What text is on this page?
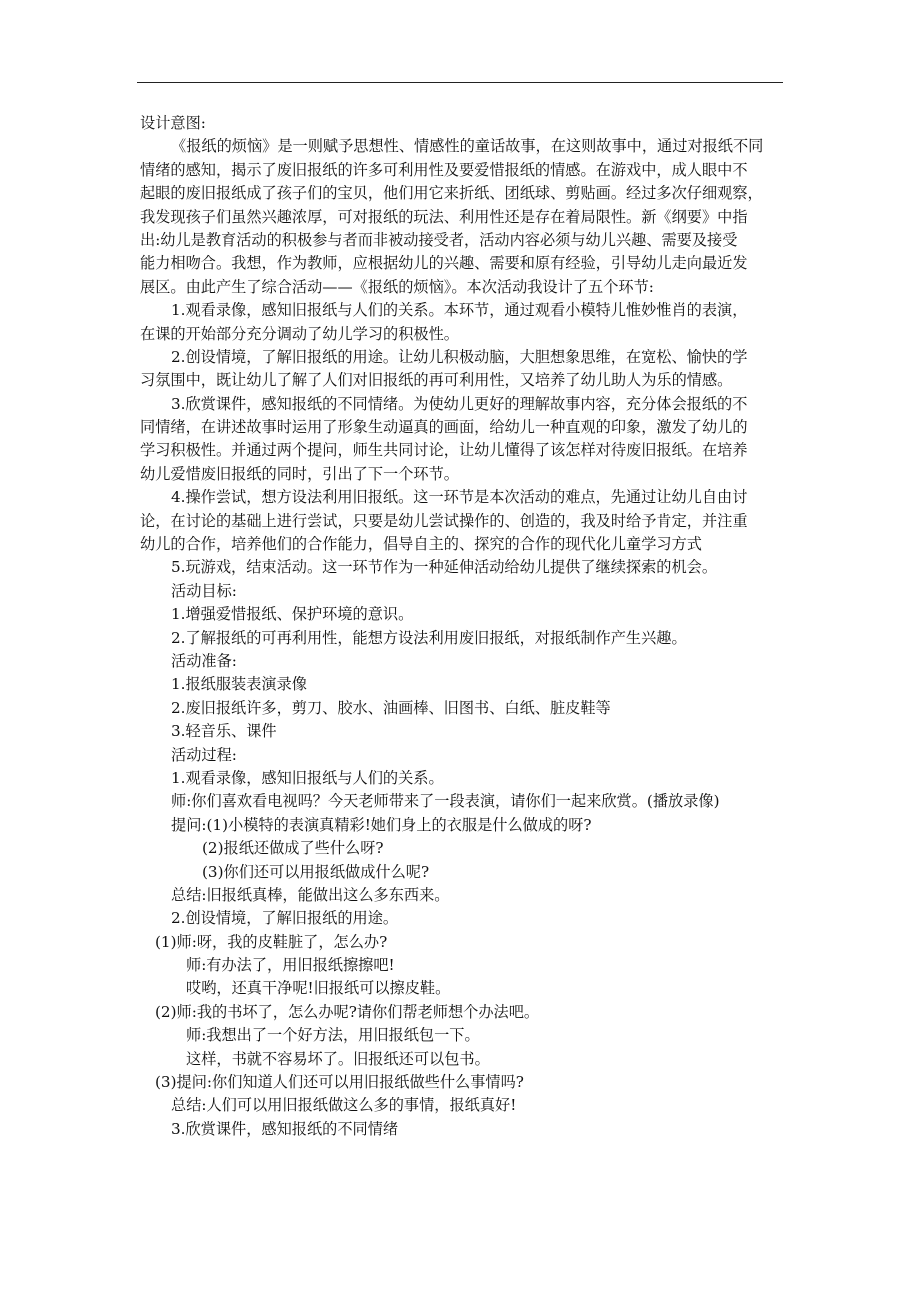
设计意图:
《报纸的烦恼》是一则赋予思想性、情感性的童话故事，在这则故事中，通过对报纸不同
情绪的感知，揭示了废旧报纸的许多可利用性及要爱惜报纸的情感。在游戏中，成人眼中不
起眼的废旧报纸成了孩子们的宝贝，他们用它来折纸、团纸球、剪贴画。经过多次仔细观察，
我发现孩子们虽然兴趣浓厚，可对报纸的玩法、利用性还是存在着局限性。新《纲要》中指
出:幼儿是教育活动的积极参与者而非被动接受者，活动内容必须与幼儿兴趣、需要及接受
能力相吻合。我想，作为教师，应根据幼儿的兴趣、需要和原有经验，引导幼儿走向最近发
展区。由此产生了综合活动——《报纸的烦恼》。本次活动我设计了五个环节:
1.观看录像，感知旧报纸与人们的关系。本环节，通过观看小模特儿惟妙惟肖的表演，
在课的开始部分充分调动了幼儿学习的积极性。
2.创设情境，了解旧报纸的用途。让幼儿积极动脑，大胆想象思维，在宽松、愉快的学
习氛围中，既让幼儿了解了人们对旧报纸的再可利用性，又培养了幼儿助人为乐的情感。
3.欣赏课件，感知报纸的不同情绪。为使幼儿更好的理解故事内容，充分体会报纸的不
同情绪，在讲述故事时运用了形象生动逼真的画面，给幼儿一种直观的印象，激发了幼儿的
学习积极性。并通过两个提问，师生共同讨论，让幼儿懂得了该怎样对待废旧报纸。在培养
幼儿爱惜废旧报纸的同时，引出了下一个环节。
4.操作尝试，想方设法利用旧报纸。这一环节是本次活动的难点，先通过让幼儿自由讨
论，在讨论的基础上进行尝试，只要是幼儿尝试操作的、创造的，我及时给予肯定，并注重
幼儿的合作，培养他们的合作能力，倡导自主的、探究的合作的现代化儿童学习方式
5.玩游戏，结束活动。这一环节作为一种延伸活动给幼儿提供了继续探索的机会。
活动目标:
1.增强爱惜报纸、保护环境的意识。
2.了解报纸的可再利用性，能想方设法利用废旧报纸，对报纸制作产生兴趣。
活动准备:
1.报纸服装表演录像
2.废旧报纸许多，剪刀、胶水、油画棒、旧图书、白纸、脏皮鞋等
3.轻音乐、课件
活动过程:
1.观看录像，感知旧报纸与人们的关系。
师:你们喜欢看电视吗？今天老师带来了一段表演，请你们一起来欣赏。(播放录像)
提问:(1)小模特的表演真精彩!她们身上的衣服是什么做成的呀?
(2)报纸还做成了些什么呀?
(3)你们还可以用报纸做成什么呢?
总结:旧报纸真棒，能做出这么多东西来。
2.创设情境，了解旧报纸的用途。
(1)师:呀，我的皮鞋脏了，怎么办?
师:有办法了，用旧报纸擦擦吧!
哎哟，还真干净呢!旧报纸可以擦皮鞋。
(2)师:我的书坏了，怎么办呢?请你们帮老师想个办法吧。
师:我想出了一个好方法，用旧报纸包一下。
这样，书就不容易坏了。旧报纸还可以包书。
(3)提问:你们知道人们还可以用旧报纸做些什么事情吗?
总结:人们可以用旧报纸做这么多的事情，报纸真好!
3.欣赏课件，感知报纸的不同情绪
